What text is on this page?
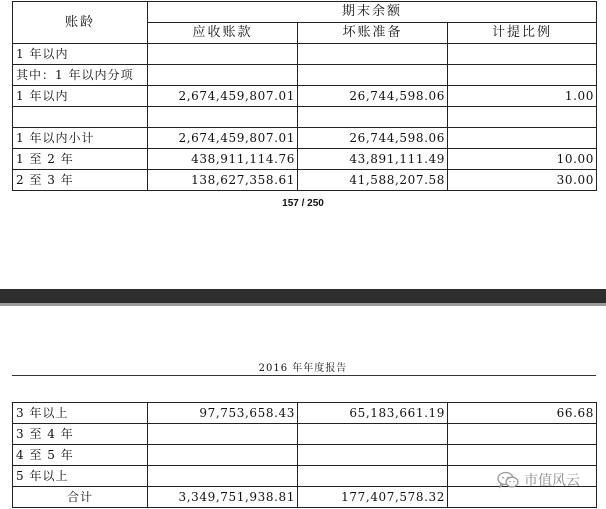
账龄	期末余额		
	应收账款	坏账准备	计提比例
1 年以内			
其中：1 年以内分项			
1 年以内	2,674,459,807.01	26,744,598.06	1.00

1 年以内小计	2,674,459,807.01	26,744,598.06	
1 至 2 年	438,911,114.76	43,891,111.49	10.00
2 至 3 年	138,627,358.61	41,588,207.58	30.00
157 / 250
2016 年年度报告
3 年以上	97,753,658.43	65,183,661.19	66.68
3 至 4 年			
4 至 5 年			
5 年以上			
合计	3,349,751,938.81	177,407,578.32	
市值风云
